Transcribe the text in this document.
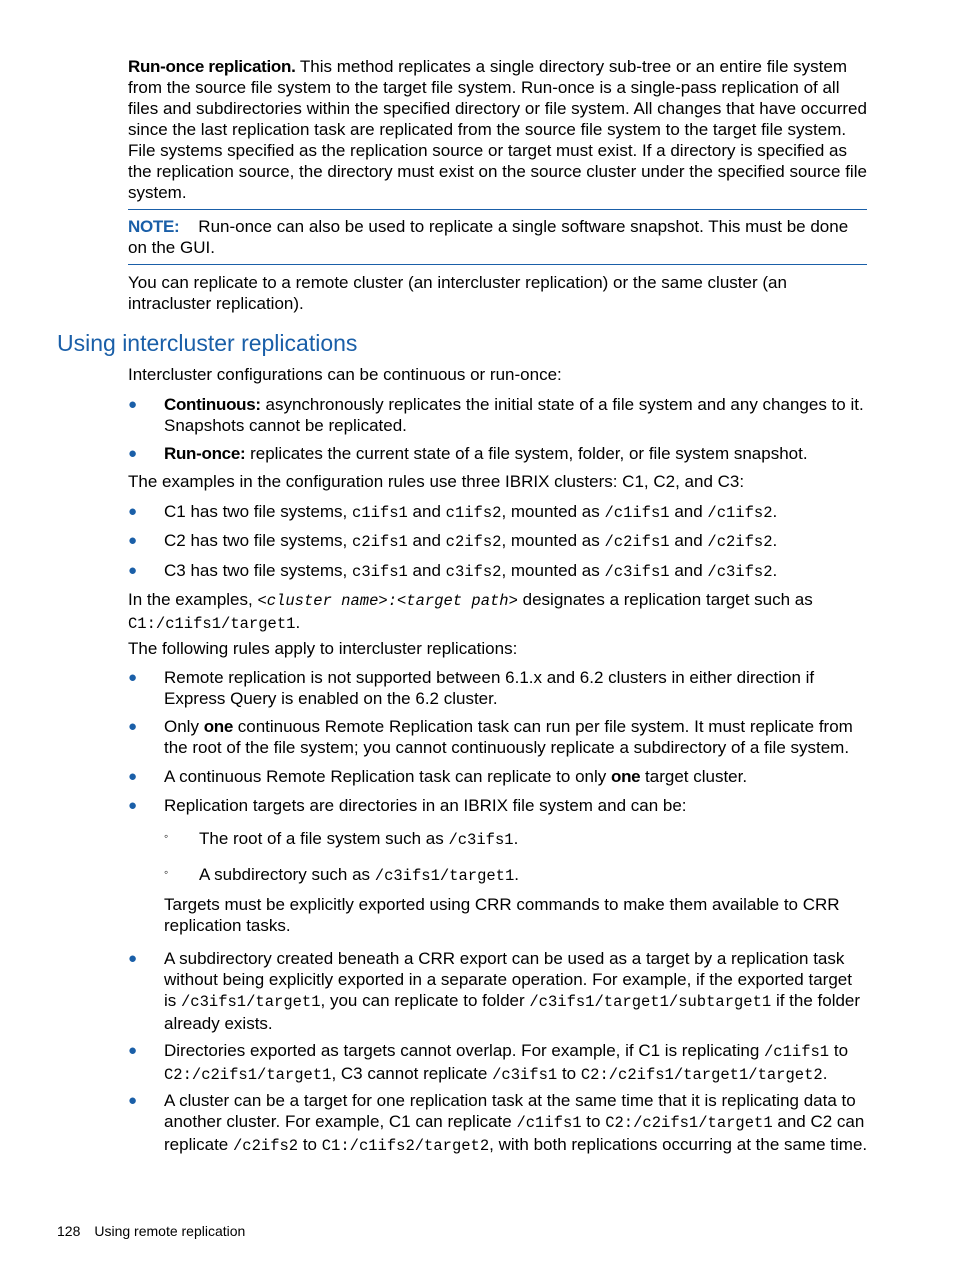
Run-once replication. This method replicates a single directory sub-tree or an entire file system from the source file system to the target file system. Run-once is a single-pass replication of all files and subdirectories within the specified directory or file system. All changes that have occurred since the last replication task are replicated from the source file system to the target file system. File systems specified as the replication source or target must exist. If a directory is specified as the replication source, the directory must exist on the source cluster under the specified source file system.

NOTE: Run-once can also be used to replicate a single software snapshot. This must be done on the GUI.

You can replicate to a remote cluster (an intercluster replication) or the same cluster (an intracluster replication).

Using intercluster replications

Intercluster configurations can be continuous or run-once:

● Continuous: asynchronously replicates the initial state of a file system and any changes to it. Snapshots cannot be replicated.
● Run-once: replicates the current state of a file system, folder, or file system snapshot.

The examples in the configuration rules use three IBRIX clusters: C1, C2, and C3:

● C1 has two file systems, c1ifs1 and c1ifs2, mounted as /c1ifs1 and /c1ifs2.
● C2 has two file systems, c2ifs1 and c2ifs2, mounted as /c2ifs1 and /c2ifs2.
● C3 has two file systems, c3ifs1 and c3ifs2, mounted as /c3ifs1 and /c3ifs2.

In the examples, <cluster name>:<target path> designates a replication target such as
C1:/c1ifs1/target1.

The following rules apply to intercluster replications:

● Remote replication is not supported between 6.1.x and 6.2 clusters in either direction if Express Query is enabled on the 6.2 cluster.
● Only one continuous Remote Replication task can run per file system. It must replicate from the root of the file system; you cannot continuously replicate a subdirectory of a file system.
● A continuous Remote Replication task can replicate to only one target cluster.
● Replication targets are directories in an IBRIX file system and can be:
◦ The root of a file system such as /c3ifs1.
◦ A subdirectory such as /c3ifs1/target1.

Targets must be explicitly exported using CRR commands to make them available to CRR replication tasks.

● A subdirectory created beneath a CRR export can be used as a target by a replication task without being explicitly exported in a separate operation. For example, if the exported target is /c3ifs1/target1, you can replicate to folder /c3ifs1/target1/subtarget1 if the folder already exists.
● Directories exported as targets cannot overlap. For example, if C1 is replicating /c1ifs1 to C2:/c2ifs1/target1, C3 cannot replicate /c3ifs1 to C2:/c2ifs1/target1/target2.
● A cluster can be a target for one replication task at the same time that it is replicating data to another cluster. For example, C1 can replicate /c1ifs1 to C2:/c2ifs1/target1 and C2 can replicate /c2ifs2 to C1:/c1ifs2/target2, with both replications occurring at the same time.
128 Using remote replication
